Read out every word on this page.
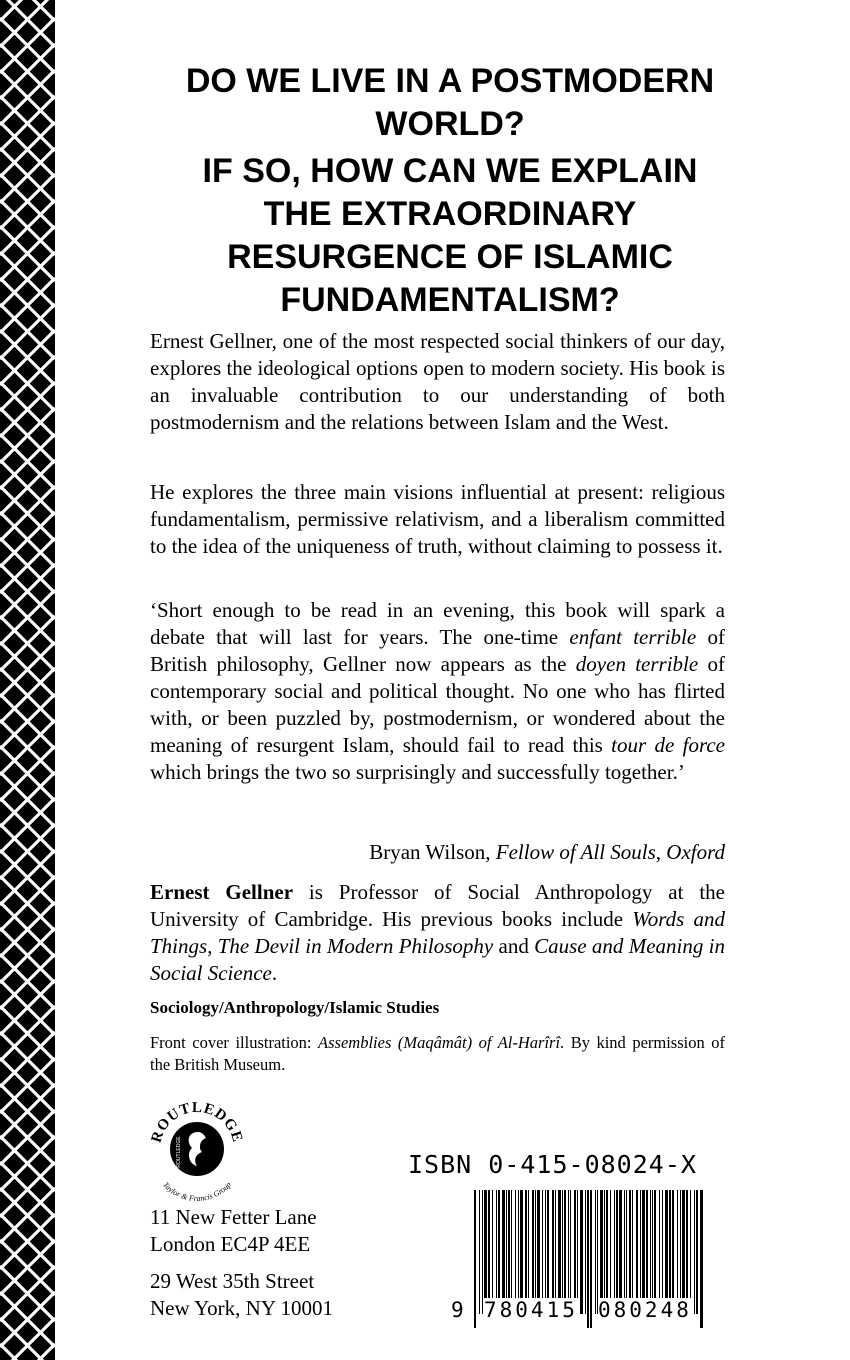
DO WE LIVE IN A POSTMODERN
WORLD?
IF SO, HOW CAN WE EXPLAIN
THE EXTRAORDINARY
RESURGENCE OF ISLAMIC
FUNDAMENTALISM?

Ernest Gellner, one of the most respected social thinkers of our day, explores the ideological options open to modern society. His book is an invaluable contribution to our understanding of both postmodernism and the relations between Islam and the West.

He explores the three main visions influential at present: religious fundamentalism, permissive relativism, and a liberalism committed to the idea of the uniqueness of truth, without claiming to possess it.

‘Short enough to be read in an evening, this book will spark a debate that will last for years. The one-time enfant terrible of British philosophy, Gellner now appears as the doyen terrible of contemporary social and political thought. No one who has flirted with, or been puzzled by, postmodernism, or wondered about the meaning of resurgent Islam, should fail to read this tour de force which brings the two so surprisingly and successfully together.’

Bryan Wilson, Fellow of All Souls, Oxford

Ernest Gellner is Professor of Social Anthropology at the University of Cambridge. His previous books include Words and Things, The Devil in Modern Philosophy and Cause and Meaning in Social Science.

Sociology/Anthropology/Islamic Studies

Front cover illustration: Assemblies (Maqâmât) of Al-Harîrî. By kind permission of the British Museum.

ROUTLEDGE
ROUTLEDGE
Taylor & Francis Group
11 New Fetter Lane
London EC4P 4EE
29 West 35th Street
New York, NY 10001
ISBN 0-415-08024-X
9 780415 080248
